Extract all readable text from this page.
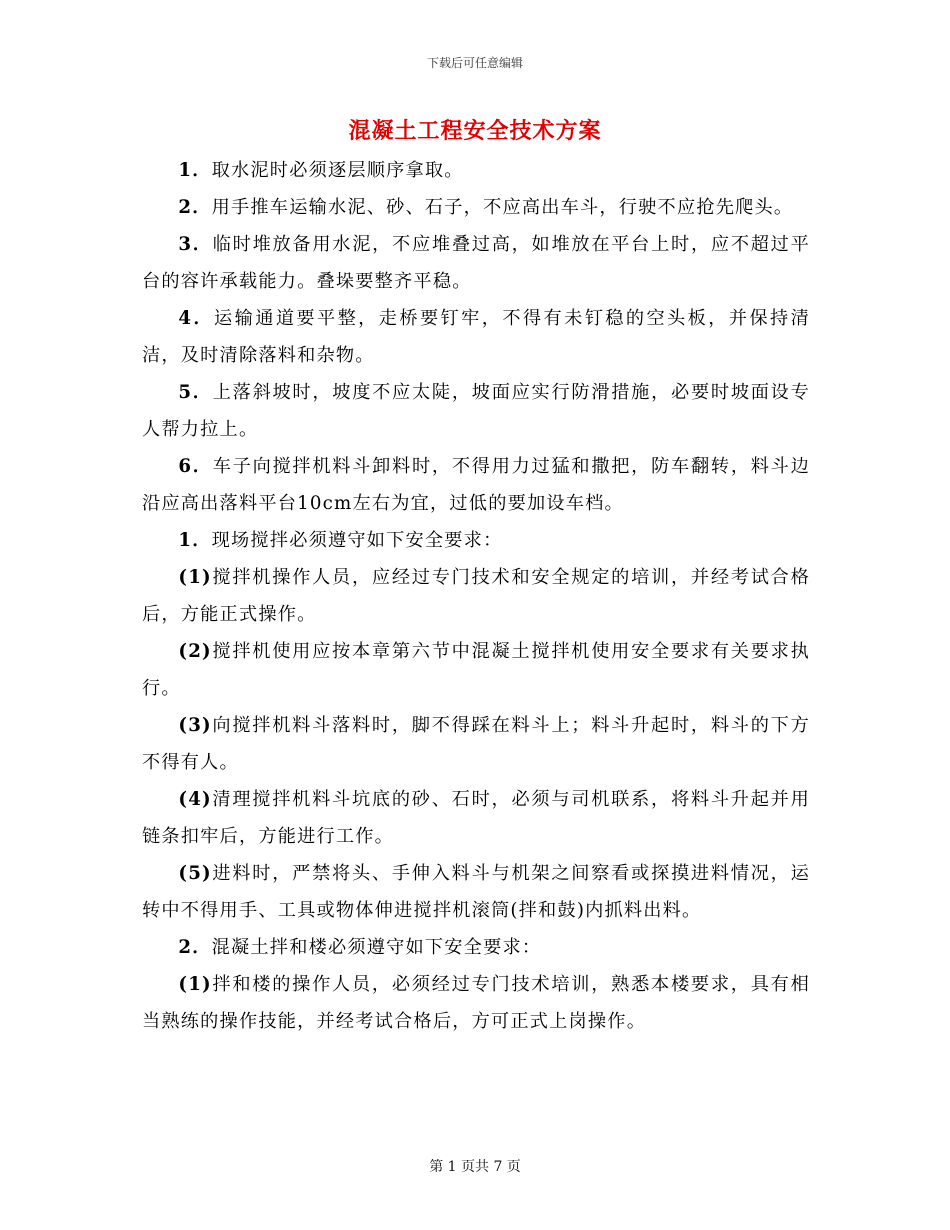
下载后可任意编辑
混凝土工程安全技术方案

1．取水泥时必须逐层顺序拿取。

2．用手推车运输水泥、砂、石子，不应高出车斗，行驶不应抢先爬头。

3．临时堆放备用水泥，不应堆叠过高，如堆放在平台上时，应不超过平台的容许承载能力。叠垛要整齐平稳。

4．运输通道要平整，走桥要钉牢，不得有未钉稳的空头板，并保持清洁，及时清除落料和杂物。

5．上落斜坡时，坡度不应太陡，坡面应实行防滑措施，必要时坡面设专人帮力拉上。

6．车子向搅拌机料斗卸料时，不得用力过猛和撒把，防车翻转，料斗边沿应高出落料平台10cm左右为宜，过低的要加设车档。

1．现场搅拌必须遵守如下安全要求：

(1)搅拌机操作人员，应经过专门技术和安全规定的培训，并经考试合格后，方能正式操作。

(2)搅拌机使用应按本章第六节中混凝土搅拌机使用安全要求有关要求执行。

(3)向搅拌机料斗落料时，脚不得踩在料斗上；料斗升起时，料斗的下方不得有人。

(4)清理搅拌机料斗坑底的砂、石时，必须与司机联系，将料斗升起并用链条扣牢后，方能进行工作。

(5)进料时，严禁将头、手伸入料斗与机架之间察看或探摸进料情况，运转中不得用手、工具或物体伸进搅拌机滚筒(拌和鼓)内抓料出料。

2．混凝土拌和楼必须遵守如下安全要求：

(1)拌和楼的操作人员，必须经过专门技术培训，熟悉本楼要求，具有相当熟练的操作技能，并经考试合格后，方可正式上岗操作。

第 1 页共 7 页
